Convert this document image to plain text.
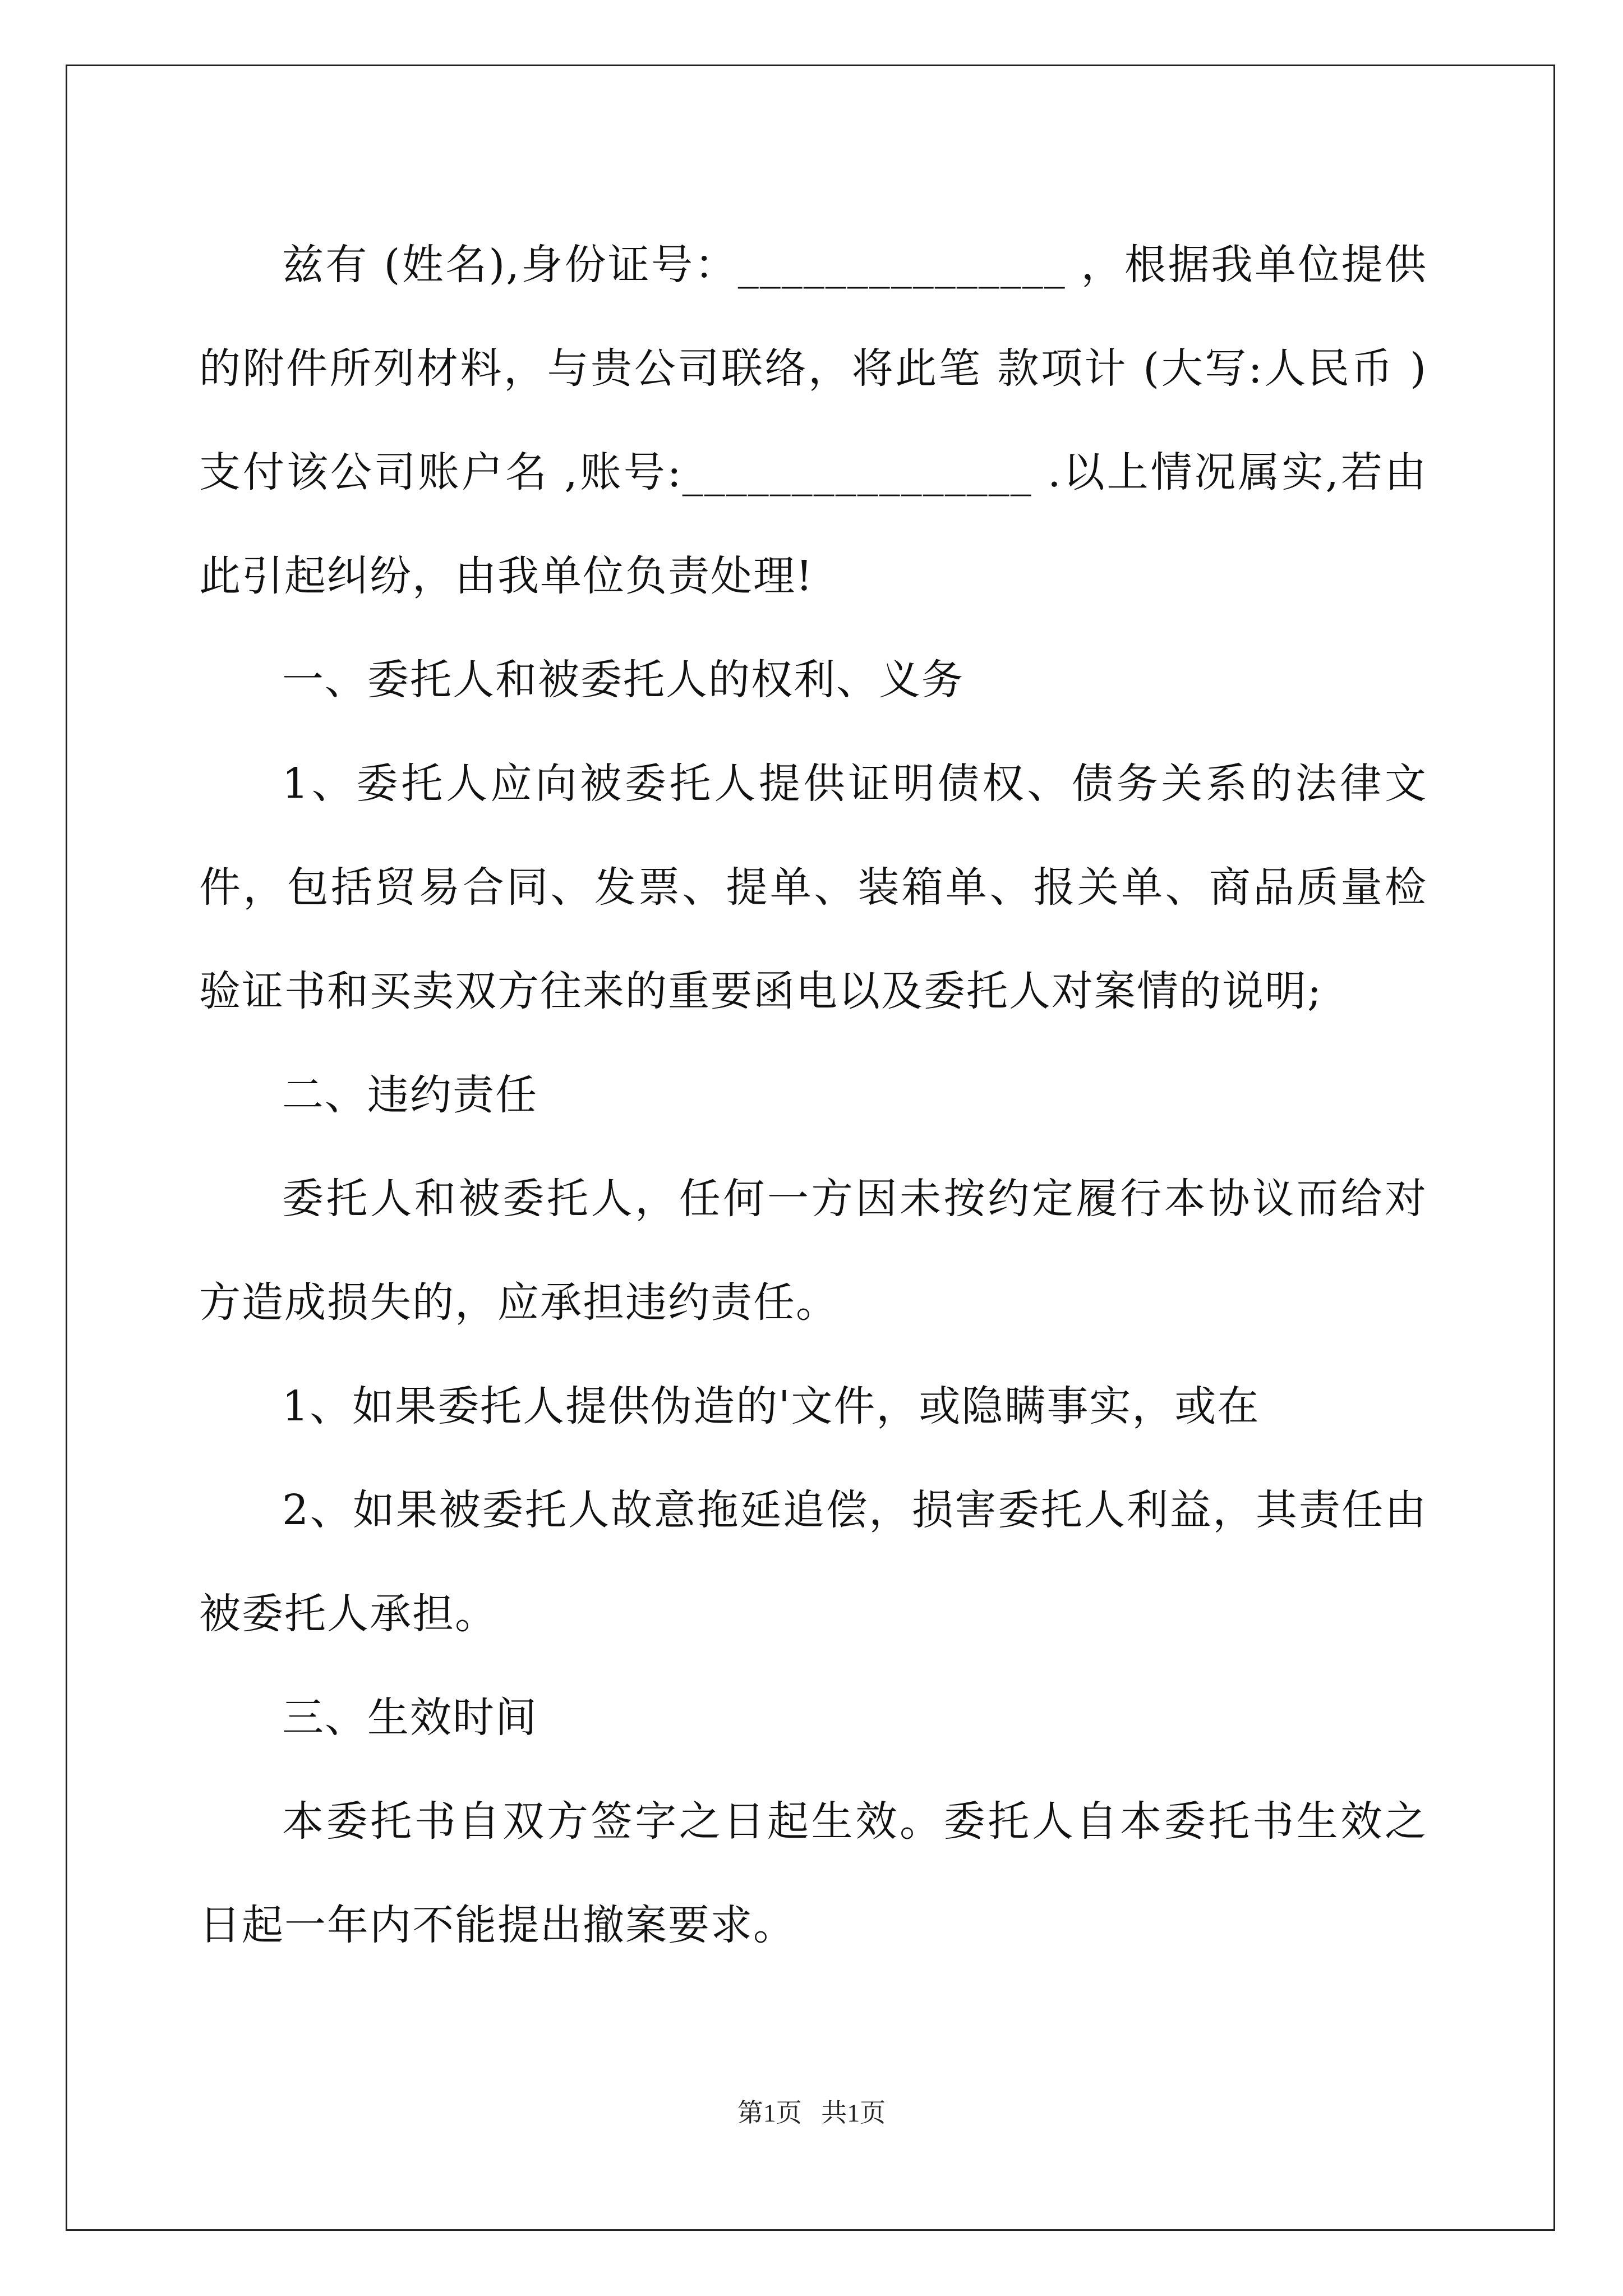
兹有 (姓名),身份证号：_______________ ，根据我单位提供的附件所列材料，与贵公司联络，将此笔 款项计 (大写:人民币 )支付该公司账户名 ,账号:________________ .以上情况属实,若由此引起纠纷，由我单位负责处理!

一、委托人和被委托人的权利、义务

1、委托人应向被委托人提供证明债权、债务关系的法律文件，包括贸易合同、发票、提单、装箱单、报关单、商品质量检验证书和买卖双方往来的重要函电以及委托人对案情的说明;

二、违约责任

委托人和被委托人，任何一方因未按约定履行本协议而给对方造成损失的，应承担违约责任。

1、如果委托人提供伪造的'文件，或隐瞒事实，或在

2、如果被委托人故意拖延追偿，损害委托人利益，其责任由被委托人承担。

三、生效时间

本委托书自双方签字之日起生效。委托人自本委托书生效之日起一年内不能提出撤案要求。

第1页   共1页
